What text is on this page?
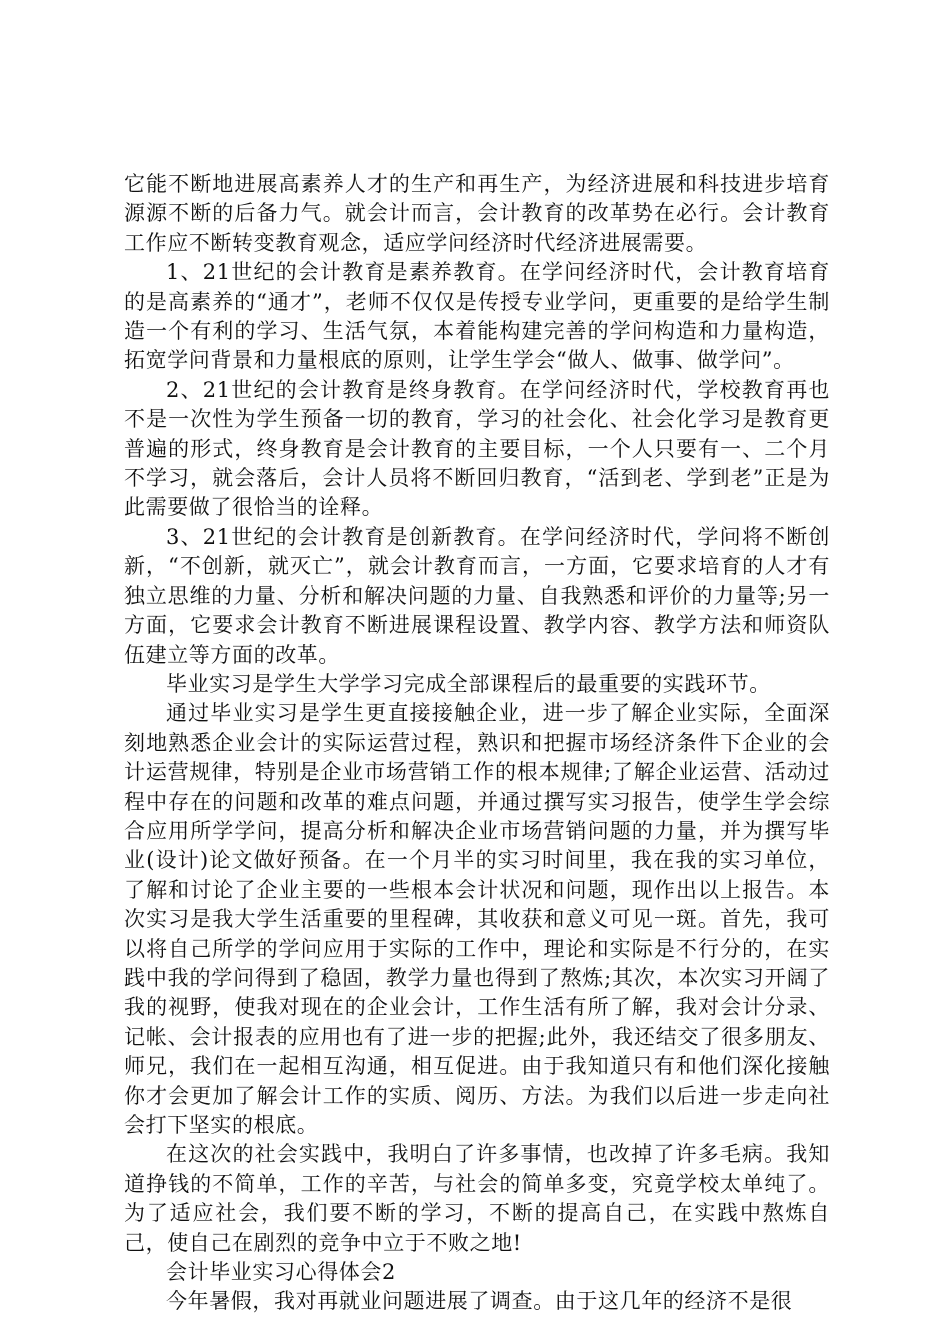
它能不断地进展高素养人才的生产和再生产，为经济进展和科技进步培育源源不断的后备力气。就会计而言，会计教育的改革势在必行。会计教育工作应不断转变教育观念，适应学问经济时代经济进展需要。

1、21世纪的会计教育是素养教育。在学问经济时代，会计教育培育的是高素养的“通才”，老师不仅仅是传授专业学问，更重要的是给学生制造一个有利的学习、生活气氛，本着能构建完善的学问构造和力量构造，拓宽学问背景和力量根底的原则，让学生学会“做人、做事、做学问”。

2、21世纪的会计教育是终身教育。在学问经济时代，学校教育再也不是一次性为学生预备一切的教育，学习的社会化、社会化学习是教育更普遍的形式，终身教育是会计教育的主要目标，一个人只要有一、二个月不学习，就会落后，会计人员将不断回归教育，“活到老、学到老”正是为此需要做了很恰当的诠释。

3、21世纪的会计教育是创新教育。在学问经济时代，学问将不断创新，“不创新，就灭亡”，就会计教育而言，一方面，它要求培育的人才有独立思维的力量、分析和解决问题的力量、自我熟悉和评价的力量等;另一方面，它要求会计教育不断进展课程设置、教学内容、教学方法和师资队伍建立等方面的改革。

毕业实习是学生大学学习完成全部课程后的最重要的实践环节。

通过毕业实习是学生更直接接触企业，进一步了解企业实际，全面深刻地熟悉企业会计的实际运营过程，熟识和把握市场经济条件下企业的会计运营规律，特别是企业市场营销工作的根本规律;了解企业运营、活动过程中存在的问题和改革的难点问题，并通过撰写实习报告，使学生学会综合应用所学学问，提高分析和解决企业市场营销问题的力量，并为撰写毕业(设计)论文做好预备。在一个月半的实习时间里，我在我的实习单位，了解和讨论了企业主要的一些根本会计状况和问题，现作出以上报告。本次实习是我大学生活重要的里程碑，其收获和意义可见一斑。首先，我可以将自己所学的学问应用于实际的工作中，理论和实际是不行分的，在实践中我的学问得到了稳固，教学力量也得到了熬炼;其次，本次实习开阔了我的视野，使我对现在的企业会计，工作生活有所了解，我对会计分录、记帐、会计报表的应用也有了进一步的把握;此外，我还结交了很多朋友、师兄，我们在一起相互沟通，相互促进。由于我知道只有和他们深化接触你才会更加了解会计工作的实质、阅历、方法。为我们以后进一步走向社会打下坚实的根底。

在这次的社会实践中，我明白了许多事情，也改掉了许多毛病。我知道挣钱的不简单，工作的辛苦，与社会的简单多变，究竟学校太单纯了。为了适应社会，我们要不断的学习，不断的提高自己，在实践中熬炼自己，使自己在剧烈的竞争中立于不败之地!

会计毕业实习心得体会2

今年暑假，我对再就业问题进展了调查。由于这几年的经济不是很
